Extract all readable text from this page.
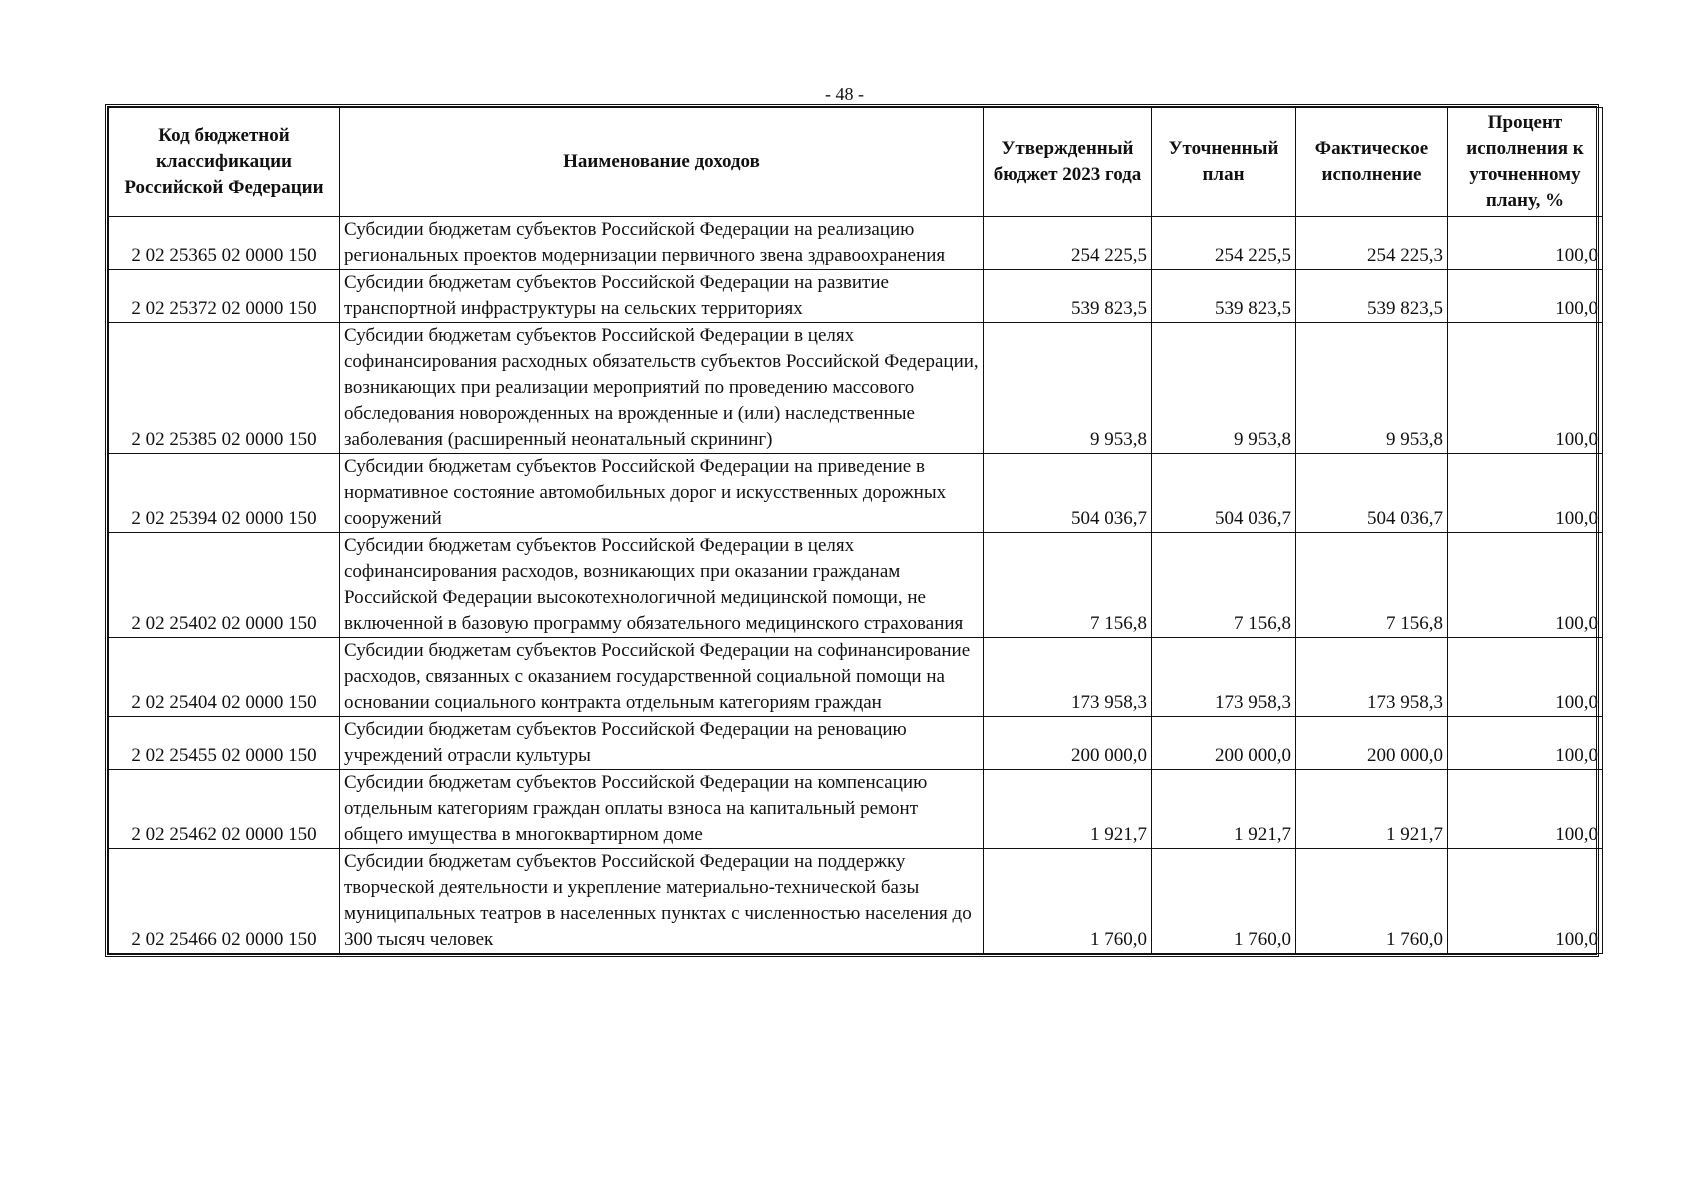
- 48 -
Код бюджетной классификации Российской Федерации	Наименование доходов	Утвержденный бюджет 2023 года	Уточненный план	Фактическое исполнение	Процент исполнения к уточненному плану, %
2 02 25365 02 0000 150	Субсидии бюджетам субъектов Российской Федерации на реализацию региональных проектов модернизации первичного звена здравоохранения	254 225,5	254 225,5	254 225,3	100,0
2 02 25372 02 0000 150	Субсидии бюджетам субъектов Российской Федерации на развитие транспортной инфраструктуры на сельских территориях	539 823,5	539 823,5	539 823,5	100,0
2 02 25385 02 0000 150	Субсидии бюджетам субъектов Российской Федерации в целях софинансирования расходных обязательств субъектов Российской Федерации, возникающих при реализации мероприятий по проведению массового обследования новорожденных на врожденные и (или) наследственные заболевания (расширенный неонатальный скрининг)	9 953,8	9 953,8	9 953,8	100,0
2 02 25394 02 0000 150	Субсидии бюджетам субъектов Российской Федерации на приведение в нормативное состояние автомобильных дорог и искусственных дорожных сооружений	504 036,7	504 036,7	504 036,7	100,0
2 02 25402 02 0000 150	Субсидии бюджетам субъектов Российской Федерации в целях софинансирования расходов, возникающих при оказании гражданам Российской Федерации высокотехнологичной медицинской помощи, не включенной в базовую программу обязательного медицинского страхования	7 156,8	7 156,8	7 156,8	100,0
2 02 25404 02 0000 150	Субсидии бюджетам субъектов Российской Федерации на софинансирование расходов, связанных с оказанием государственной социальной помощи на основании социального контракта отдельным категориям граждан	173 958,3	173 958,3	173 958,3	100,0
2 02 25455 02 0000 150	Субсидии бюджетам субъектов Российской Федерации на реновацию учреждений отрасли культуры	200 000,0	200 000,0	200 000,0	100,0
2 02 25462 02 0000 150	Субсидии бюджетам субъектов Российской Федерации на компенсацию отдельным категориям граждан оплаты взноса на капитальный ремонт общего имущества в многоквартирном доме	1 921,7	1 921,7	1 921,7	100,0
2 02 25466 02 0000 150	Субсидии бюджетам субъектов Российской Федерации на поддержку творческой деятельности и укрепление материально-технической базы муниципальных театров в населенных пунктах с численностью населения до 300 тысяч человек	1 760,0	1 760,0	1 760,0	100,0
